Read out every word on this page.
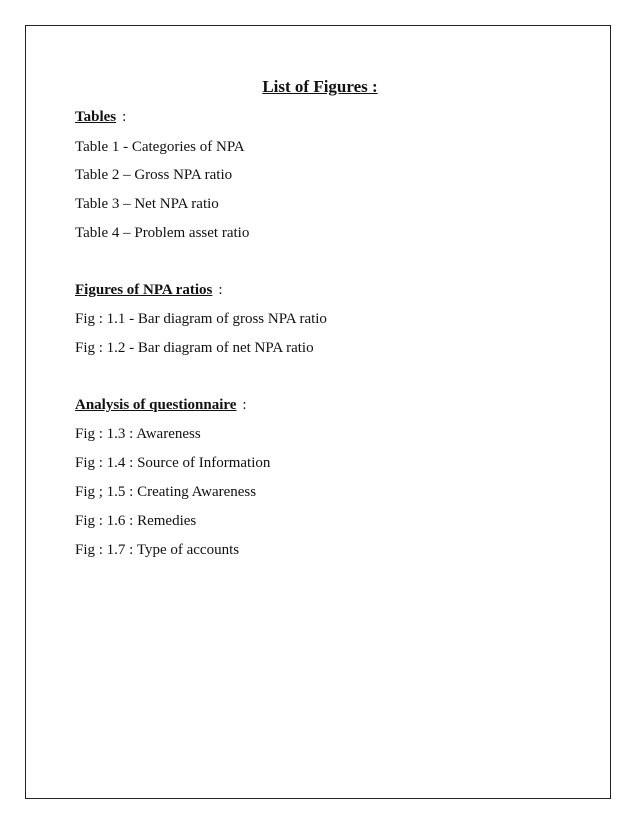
List of Figures :
Tables :
Table 1 - Categories of NPA
Table 2 – Gross NPA ratio
Table 3 – Net NPA ratio
Table 4 – Problem asset ratio
Figures of NPA ratios :
Fig : 1.1 - Bar diagram of gross NPA ratio
Fig : 1.2 - Bar diagram of net NPA ratio
Analysis of questionnaire :
Fig : 1.3 : Awareness
Fig : 1.4 : Source of Information
Fig ; 1.5 : Creating Awareness
Fig : 1.6 : Remedies
Fig : 1.7 : Type of accounts
